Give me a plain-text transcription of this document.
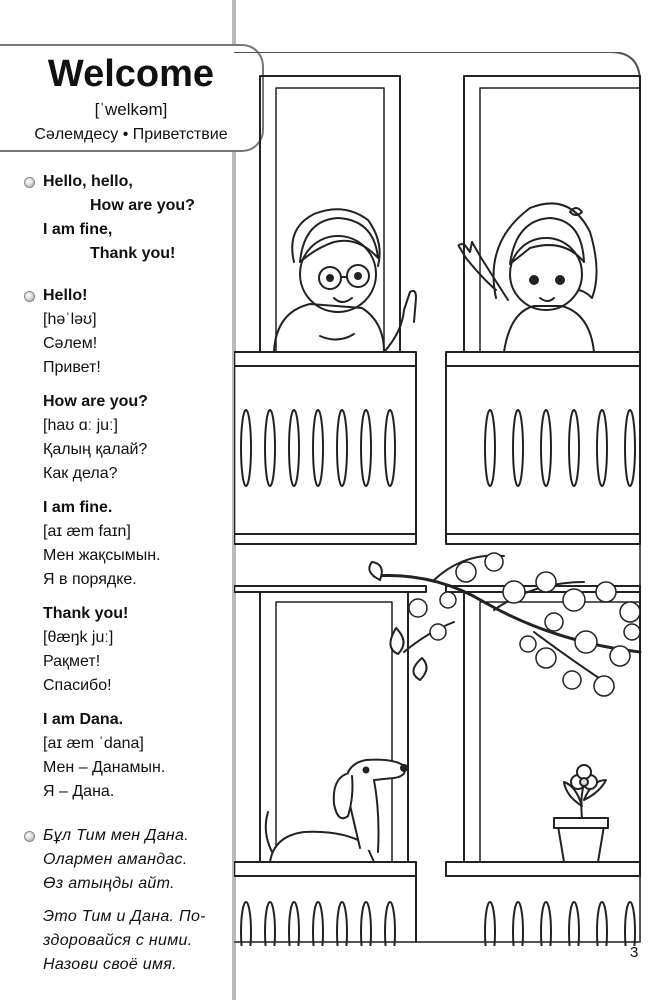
Welcome
[ˈwelkəm]
Сәлемдесу • Приветствие
Hello, hello,
How are you?
I am fine,
Thank you!
Hello!
[həˈləʊ]
Сәлем!
Привет!
How are you?
[haʊ ɑː juː]
Қалың қалай?
Как дела?
I am fine.
[aɪ æm faɪn]
Мен жақсымын.
Я в порядке.
Thank you!
[θæŋk juː]
Рақмет!
Спасибо!
I am Dana.
[aɪ æm ˈdana]
Мен – Данамын.
Я – Дана.
Бұл Тим мен Дана.
Олармен амандас.
Өз атыңды айт.
Это Тим и Дана. По-
здоровайся с ними.
Назови своё имя.
3
